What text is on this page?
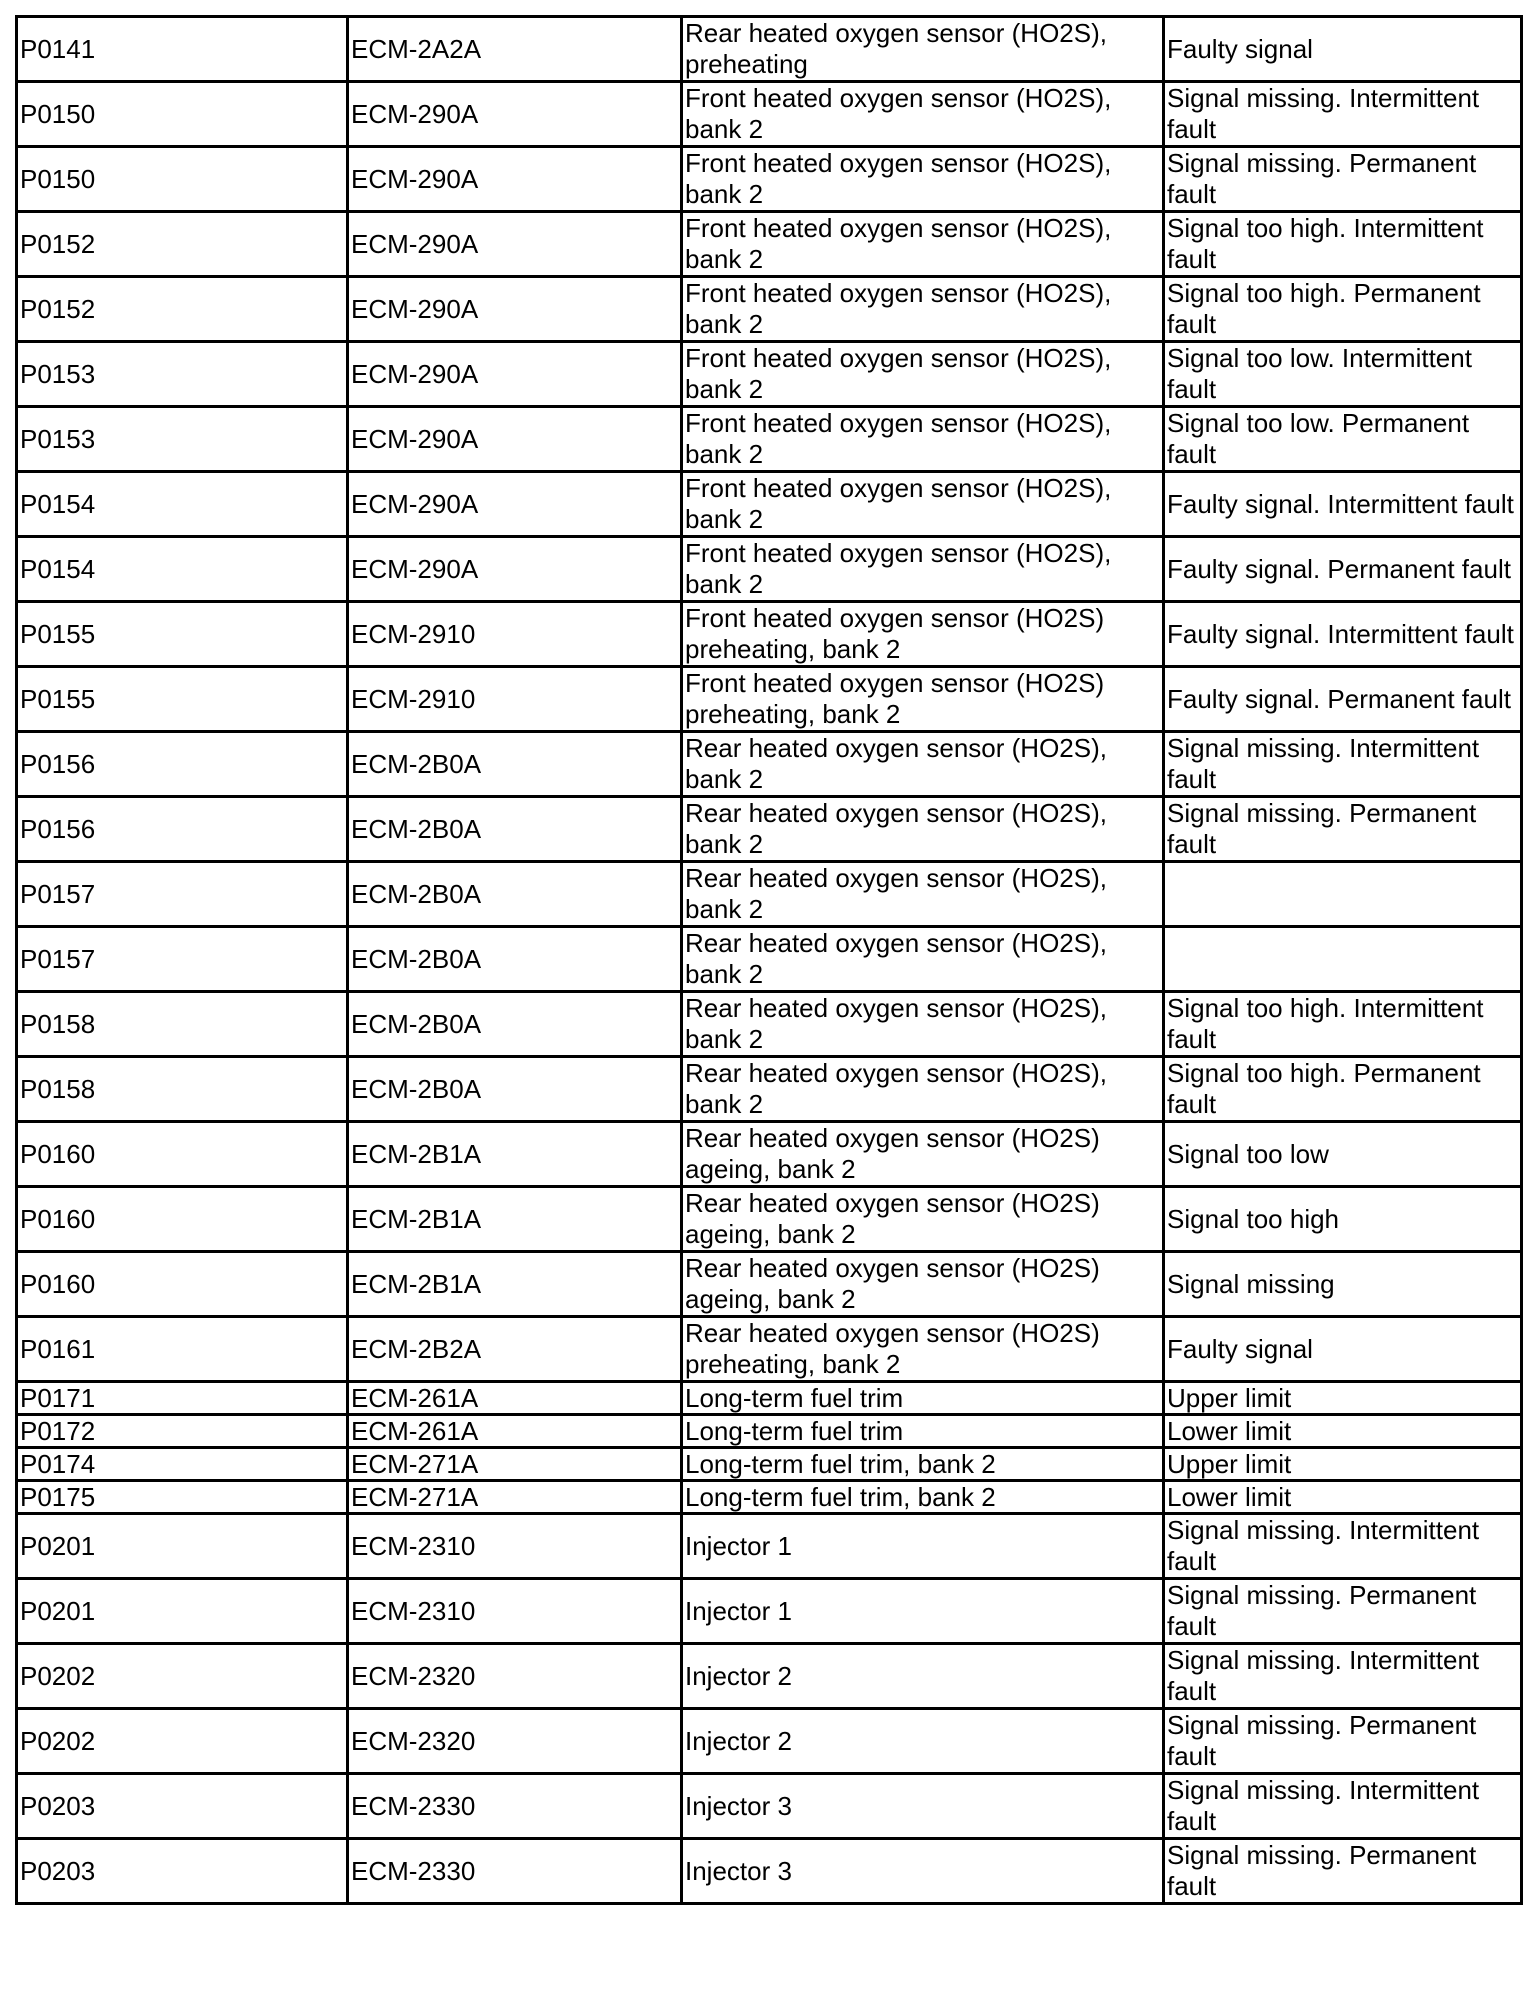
P0141	ECM-2A2A	Rear heated oxygen sensor (HO2S), preheating	Faulty signal
P0150	ECM-290A	Front heated oxygen sensor (HO2S), bank 2	Signal missing. Intermittent fault
P0150	ECM-290A	Front heated oxygen sensor (HO2S), bank 2	Signal missing. Permanent fault
P0152	ECM-290A	Front heated oxygen sensor (HO2S), bank 2	Signal too high. Intermittent fault
P0152	ECM-290A	Front heated oxygen sensor (HO2S), bank 2	Signal too high. Permanent fault
P0153	ECM-290A	Front heated oxygen sensor (HO2S), bank 2	Signal too low. Intermittent fault
P0153	ECM-290A	Front heated oxygen sensor (HO2S), bank 2	Signal too low. Permanent fault
P0154	ECM-290A	Front heated oxygen sensor (HO2S), bank 2	Faulty signal. Intermittent fault
P0154	ECM-290A	Front heated oxygen sensor (HO2S), bank 2	Faulty signal. Permanent fault
P0155	ECM-2910	Front heated oxygen sensor (HO2S) preheating, bank 2	Faulty signal. Intermittent fault
P0155	ECM-2910	Front heated oxygen sensor (HO2S) preheating, bank 2	Faulty signal. Permanent fault
P0156	ECM-2B0A	Rear heated oxygen sensor (HO2S), bank 2	Signal missing. Intermittent fault
P0156	ECM-2B0A	Rear heated oxygen sensor (HO2S), bank 2	Signal missing. Permanent fault
P0157	ECM-2B0A	Rear heated oxygen sensor (HO2S), bank 2	
P0157	ECM-2B0A	Rear heated oxygen sensor (HO2S), bank 2	
P0158	ECM-2B0A	Rear heated oxygen sensor (HO2S), bank 2	Signal too high. Intermittent fault
P0158	ECM-2B0A	Rear heated oxygen sensor (HO2S), bank 2	Signal too high. Permanent fault
P0160	ECM-2B1A	Rear heated oxygen sensor (HO2S) ageing, bank 2	Signal too low
P0160	ECM-2B1A	Rear heated oxygen sensor (HO2S) ageing, bank 2	Signal too high
P0160	ECM-2B1A	Rear heated oxygen sensor (HO2S) ageing, bank 2	Signal missing
P0161	ECM-2B2A	Rear heated oxygen sensor (HO2S) preheating, bank 2	Faulty signal
P0171	ECM-261A	Long-term fuel trim	Upper limit
P0172	ECM-261A	Long-term fuel trim	Lower limit
P0174	ECM-271A	Long-term fuel trim, bank 2	Upper limit
P0175	ECM-271A	Long-term fuel trim, bank 2	Lower limit
P0201	ECM-2310	Injector 1	Signal missing. Intermittent fault
P0201	ECM-2310	Injector 1	Signal missing. Permanent fault
P0202	ECM-2320	Injector 2	Signal missing. Intermittent fault
P0202	ECM-2320	Injector 2	Signal missing. Permanent fault
P0203	ECM-2330	Injector 3	Signal missing. Intermittent fault
P0203	ECM-2330	Injector 3	Signal missing. Permanent fault
